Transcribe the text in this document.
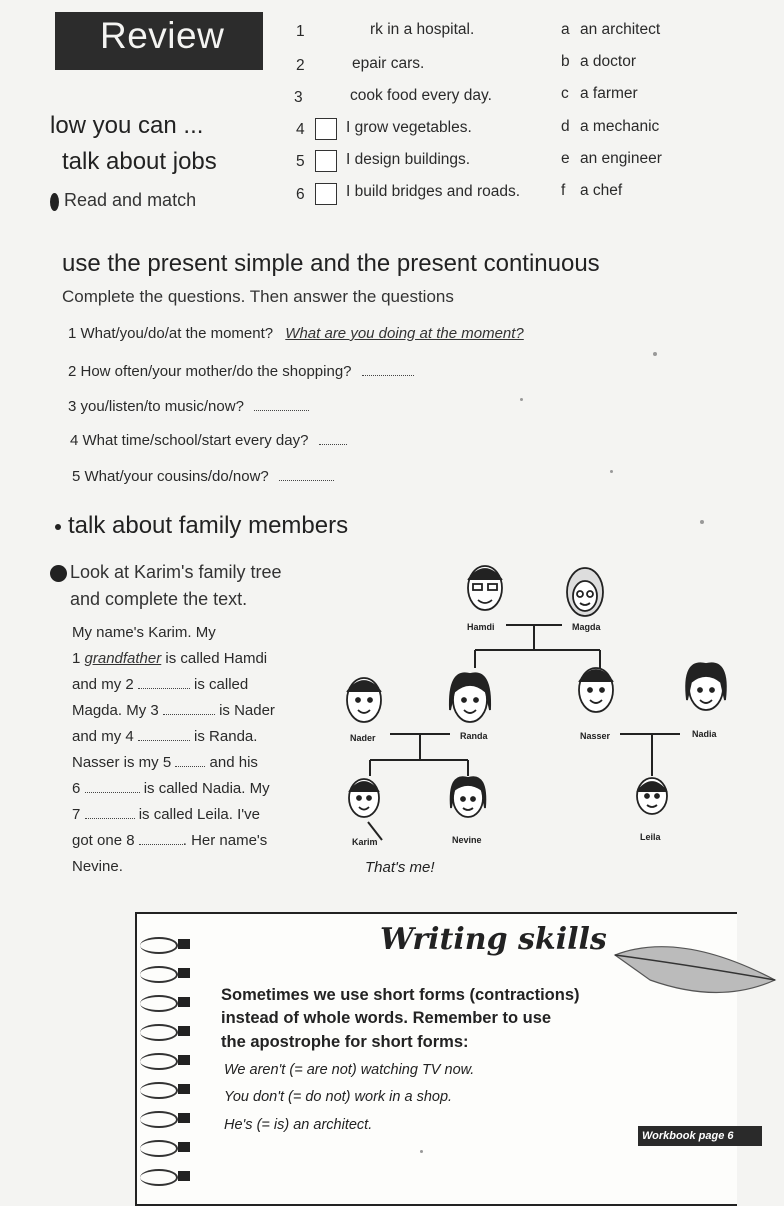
Review
low you can ...
talk about jobs
Read and match
1	rk in a hospital.
2	epair cars.
3	cook food every day.
4	I grow vegetables.
5	I design buildings.
6	I build bridges and roads.
a an architect
b a doctor
c a farmer
d a mechanic
e an engineer
f a chef
use the present simple and the present continuous
Complete the questions. Then answer the questions
1 What/you/do/at the moment? What are you doing at the moment?
2 How often/your mother/do the shopping?
3 you/listen/to music/now?
4 What time/school/start every day?
5 What/your cousins/do/now?
talk about family members
Look at Karim's family tree
and complete the text.
My name's Karim. My
1 grandfather is called Hamdi
and my 2	is called
Magda. My 3	is Nader
and my 4	is Randa.
Nasser is my 5	and his
6	is called Nadia. My
7	is called Leila. I've
got one 8	. Her name's
Nevine.
Hamdi	Magda
Nader	Randa	Nasser	Nadia
Karim	Nevine	Leila
That's me!
Writing skills
Sometimes we use short forms (contractions)
instead of whole words. Remember to use
the apostrophe for short forms:
We aren't (= are not) watching TV now.
You don't (= do not) work in a shop.
He's (= is) an architect.
Workbook page 6
